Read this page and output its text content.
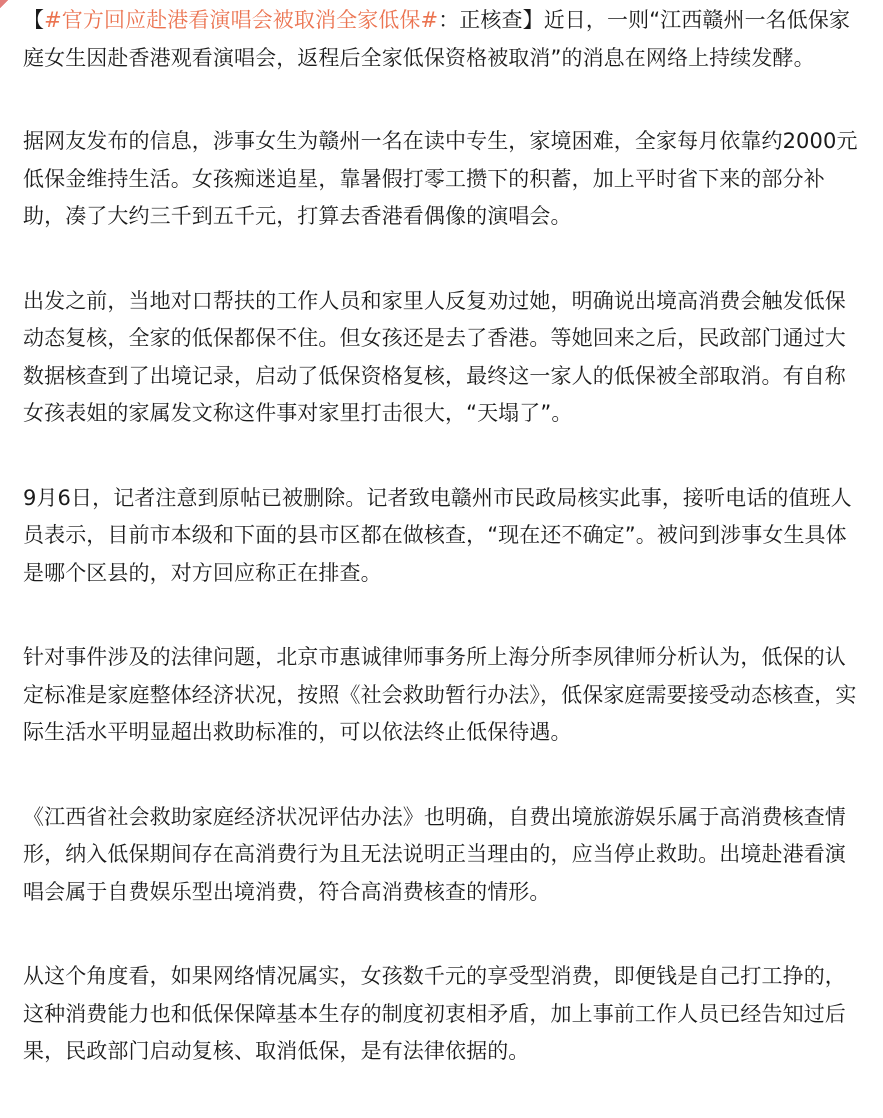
【#官方回应赴港看演唱会被取消全家低保#：正核查】近日，一则“江西赣州一名低保家庭女生因赴香港观看演唱会，返程后全家低保资格被取消”的消息在网络上持续发酵。

据网友发布的信息，涉事女生为赣州一名在读中专生，家境困难，全家每月依靠约2000元低保金维持生活。女孩痴迷追星，靠暑假打零工攒下的积蓄，加上平时省下来的部分补助，凑了大约三千到五千元，打算去香港看偶像的演唱会。

出发之前，当地对口帮扶的工作人员和家里人反复劝过她，明确说出境高消费会触发低保动态复核，全家的低保都保不住。但女孩还是去了香港。等她回来之后，民政部门通过大数据核查到了出境记录，启动了低保资格复核，最终这一家人的低保被全部取消。有自称女孩表姐的家属发文称这件事对家里打击很大，“天塌了”。

9月6日，记者注意到原帖已被删除。记者致电赣州市民政局核实此事，接听电话的值班人员表示，目前市本级和下面的县市区都在做核查，“现在还不确定”。被问到涉事女生具体是哪个区县的，对方回应称正在排查。

针对事件涉及的法律问题，北京市惠诚律师事务所上海分所李夙律师分析认为，低保的认定标准是家庭整体经济状况，按照《社会救助暂行办法》，低保家庭需要接受动态核查，实际生活水平明显超出救助标准的，可以依法终止低保待遇。

《江西省社会救助家庭经济状况评估办法》也明确，自费出境旅游娱乐属于高消费核查情形，纳入低保期间存在高消费行为且无法说明正当理由的，应当停止救助。出境赴港看演唱会属于自费娱乐型出境消费，符合高消费核查的情形。

从这个角度看，如果网络情况属实，女孩数千元的享受型消费，即便钱是自己打工挣的，这种消费能力也和低保保障基本生存的制度初衷相矛盾，加上事前工作人员已经告知过后果，民政部门启动复核、取消低保，是有法律依据的。
